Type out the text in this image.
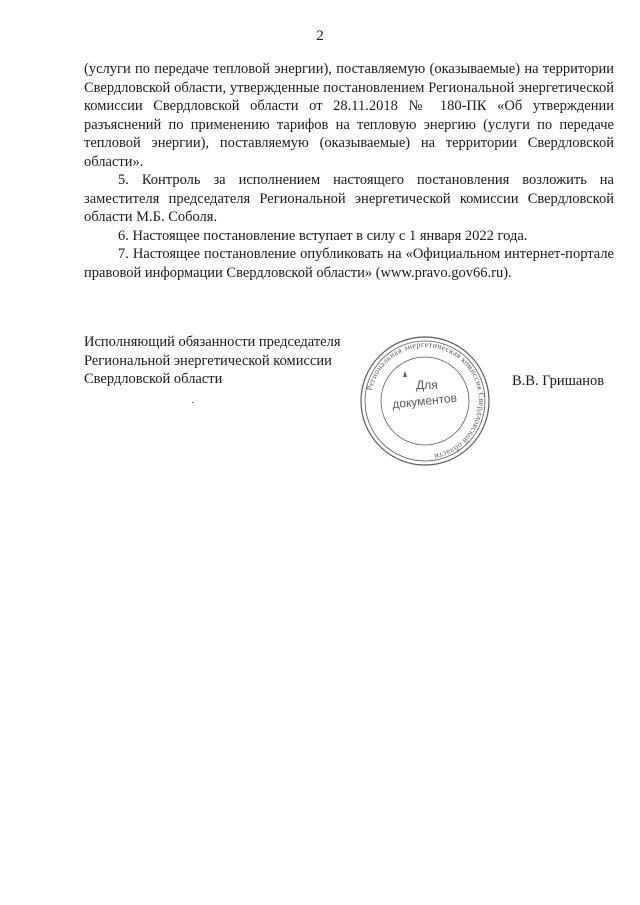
2

(услуги по передаче тепловой энергии), поставляемую (оказываемые) на территории Свердловской области, утвержденные постановлением Региональной энергетической комиссии Свердловской области от 28.11.2018 № 180-ПК «Об утверждении разъяснений по применению тарифов на тепловую энергию (услуги по передаче тепловой энергии), поставляемую (оказываемые) на территории Свердловской области».

5. Контроль за исполнением настоящего постановления возложить на заместителя председателя Региональной энергетической комиссии Свердловской области М.Б. Соболя.

6. Настоящее постановление вступает в силу с 1 января 2022 года.

7. Настоящее постановление опубликовать на «Официальном интернет-портале правовой информации Свердловской области» (www.pravo.gov66.ru).

Исполняющий обязанности председателя
Региональной энергетической комиссии
Свердловской области
Региональная энергетическая комиссия Свердловской области
Для
документов
В.В. Гришанов
